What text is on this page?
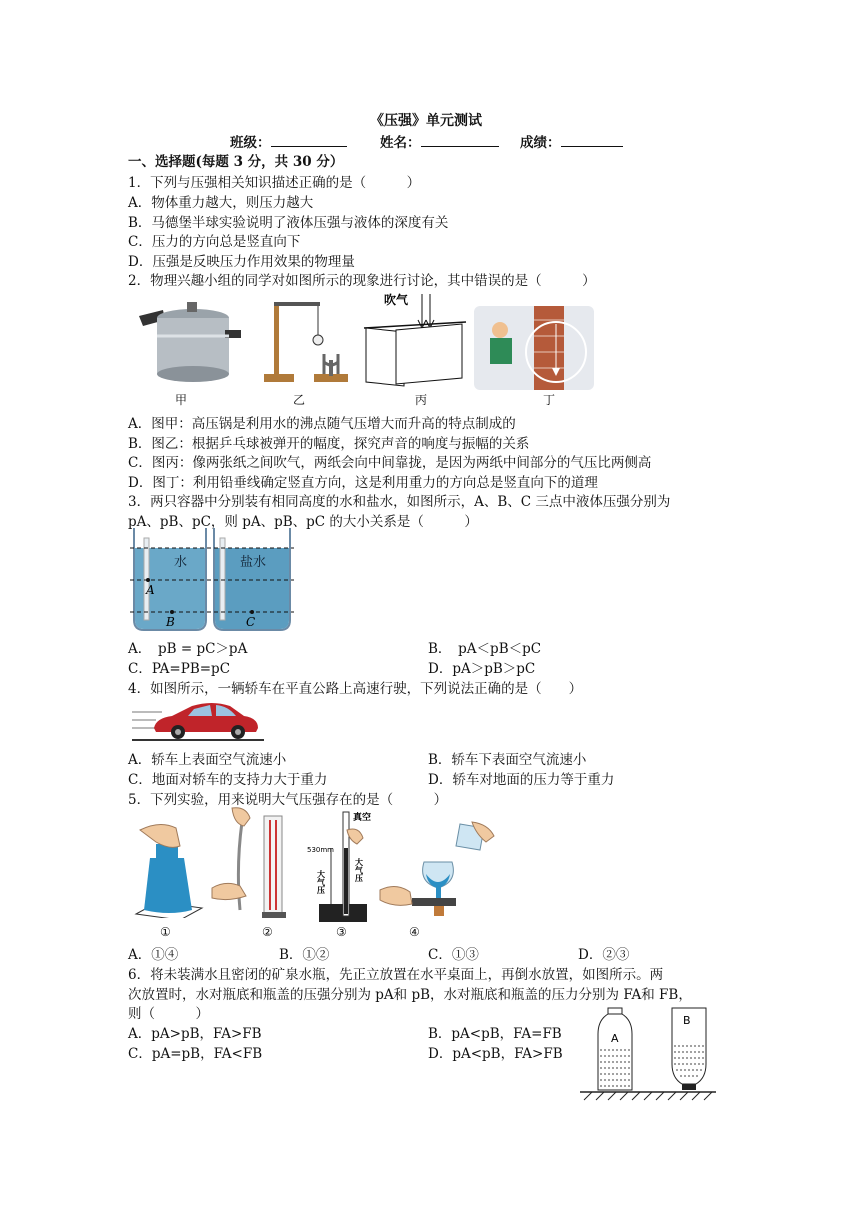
《压强》单元测试
班级：	姓名：	成绩：
一、选择题(每题 3 分，共 30 分）
1．下列与压强相关知识描述正确的是（　　　）
A．物体重力越大，则压力越大
B．马德堡半球实验说明了液体压强与液体的深度有关
C．压力的方向总是竖直向下
D．压强是反映压力作用效果的物理量
2．物理兴趣小组的同学对如图所示的现象进行讨论，其中错误的是（　　　）
甲	乙
吹气
丙	丁
A．图甲：高压锅是利用水的沸点随气压增大而升高的特点制成的
B．图乙：根据乒乓球被弹开的幅度，探究声音的响度与振幅的关系
C．图丙：像两张纸之间吹气，两纸会向中间靠拢，是因为两纸中间部分的气压比两侧高
D．图丁：利用铅垂线确定竖直方向，这是利用重力的方向总是竖直向下的道理
3．两只容器中分别装有相同高度的水和盐水，如图所示，A、B、C 三点中液体压强分别为
pA、pB、pC，则 pA、pB、pC 的大小关系是（　　　）
水
A
B
盐水
C
A．　pB = pC＞pA	B．　pA＜pB＜pC
C．PA=PB=pC	D．pA＞pB＞pC
4．如图所示，一辆轿车在平直公路上高速行驶，下列说法正确的是（　　）
A．轿车上表面空气流速小	B．轿车下表面空气流速小
C．地面对轿车的支持力大于重力	D．轿车对地面的压力等于重力
5．下列实验，用来说明大气压强存在的是（　　　）
①	②
真空
530mm
大气压	大气压
③	④
A．①④	B．①②	C．①③	D．②③
6．将未装满水且密闭的矿泉水瓶，先正立放置在水平桌面上，再倒水放置，如图所示。两
次放置时，水对瓶底和瓶盖的压强分别为 pA和 pB，水对瓶底和瓶盖的压力分别为 FA和 FB，
则（　　　）
A．pA>pB，FA>FB	B．pA<pB，FA=FB
C．pA=pB，FA<FB	D．pA<pB，FA>FB
A
B
